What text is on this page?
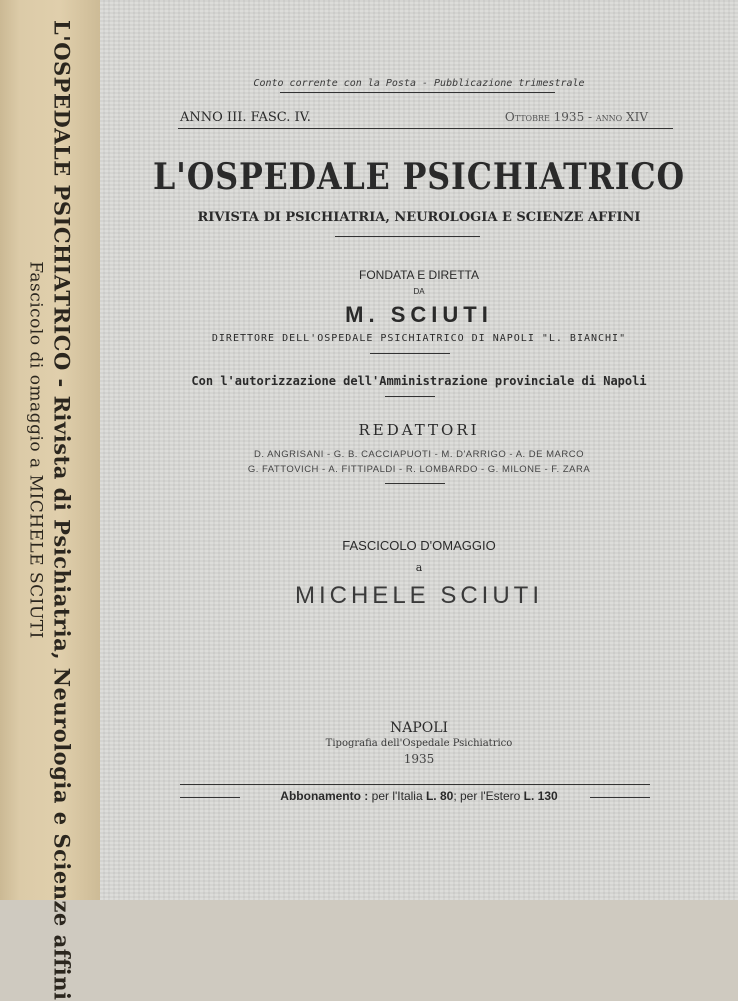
L'OSPEDALE PSICHIATRICO - Rivista di Psichiatria, Neurologia e Scienze affini
Fascicolo di omaggio a MICHELE SCIUTI
Conto corrente con la Posta - Pubblicazione trimestrale
ANNO III. FASC. IV.	Ottobre 1935 - anno XIV
L'OSPEDALE PSICHIATRICO
RIVISTA DI PSICHIATRIA, NEUROLOGIA E SCIENZE AFFINI
FONDATA E DIRETTA
DA
M. SCIUTI
DIRETTORE DELL'OSPEDALE PSICHIATRICO DI NAPOLI "L. BIANCHI"
Con l'autorizzazione dell'Amministrazione provinciale di Napoli
REDATTORI
D. ANGRISANI - G. B. CACCIAPUOTI - M. D'ARRIGO - A. DE MARCO
G. FATTOVICH - A. FITTIPALDI - R. LOMBARDO - G. MILONE - F. ZARA
FASCICOLO D'OMAGGIO
a
MICHELE SCIUTI
NAPOLI
Tipografia dell'Ospedale Psichiatrico
1935
Abbonamento : per l'Italia L. 80; per l'Estero L. 130
